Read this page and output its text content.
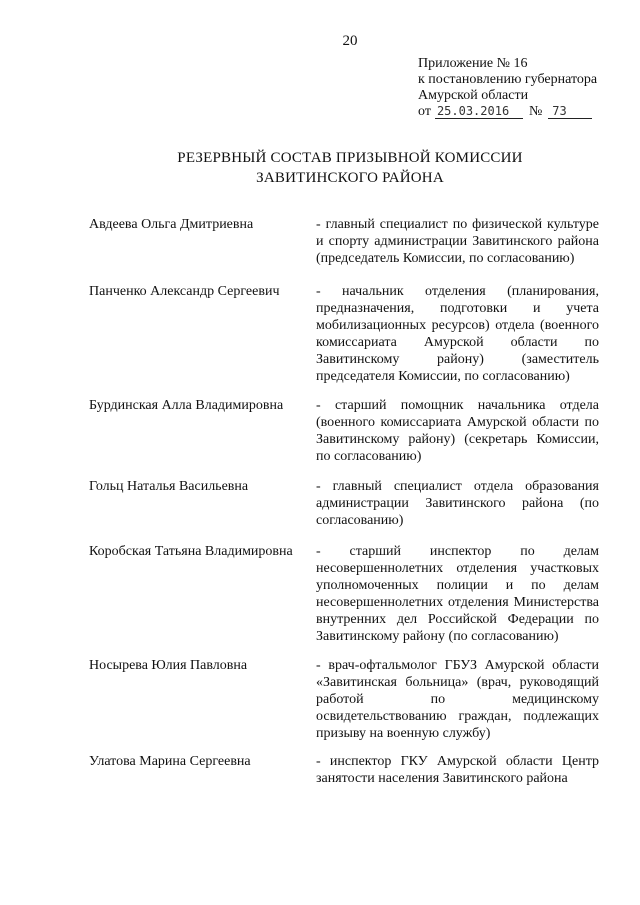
20
Приложение № 16
к постановлению губернатора
Амурской области
от 25.03.2016	№ 73
РЕЗЕРВНЫЙ СОСТАВ ПРИЗЫВНОЙ КОМИССИИ
ЗАВИТИНСКОГО РАЙОНА
Авдеева Ольга Дмитриевна	- главный специалист по физической культуре и спорту администрации Завитинского района (председатель Комиссии, по согласованию)
Панченко Александр Сергеевич	- начальник отделения (планирования, предназначения, подготовки и учета мобилизационных ресурсов) отдела (военного комиссариата Амурской области по Завитинскому району) (заместитель председателя Комиссии, по согласованию)
Бурдинская Алла Владимировна	- старший помощник начальника отдела (военного комиссариата Амурской области по Завитинскому району) (секретарь Комиссии, по согласованию)
Гольц Наталья Васильевна	- главный специалист отдела образования администрации Завитинского района (по согласованию)
Коробская Татьяна Владимировна	- старший инспектор по делам несовершеннолетних отделения участковых уполномоченных полиции и по делам несовершеннолетних отделения Министерства внутренних дел Российской Федерации по Завитинскому району (по согласованию)
Носырева Юлия Павловна	- врач-офтальмолог ГБУЗ Амурской области «Завитинская больница» (врач, руководящий работой по медицинскому освидетельствованию граждан, подлежащих призыву на военную службу)
Улатова Марина Сергеевна	- инспектор ГКУ Амурской области Центр занятости населения Завитинского района
